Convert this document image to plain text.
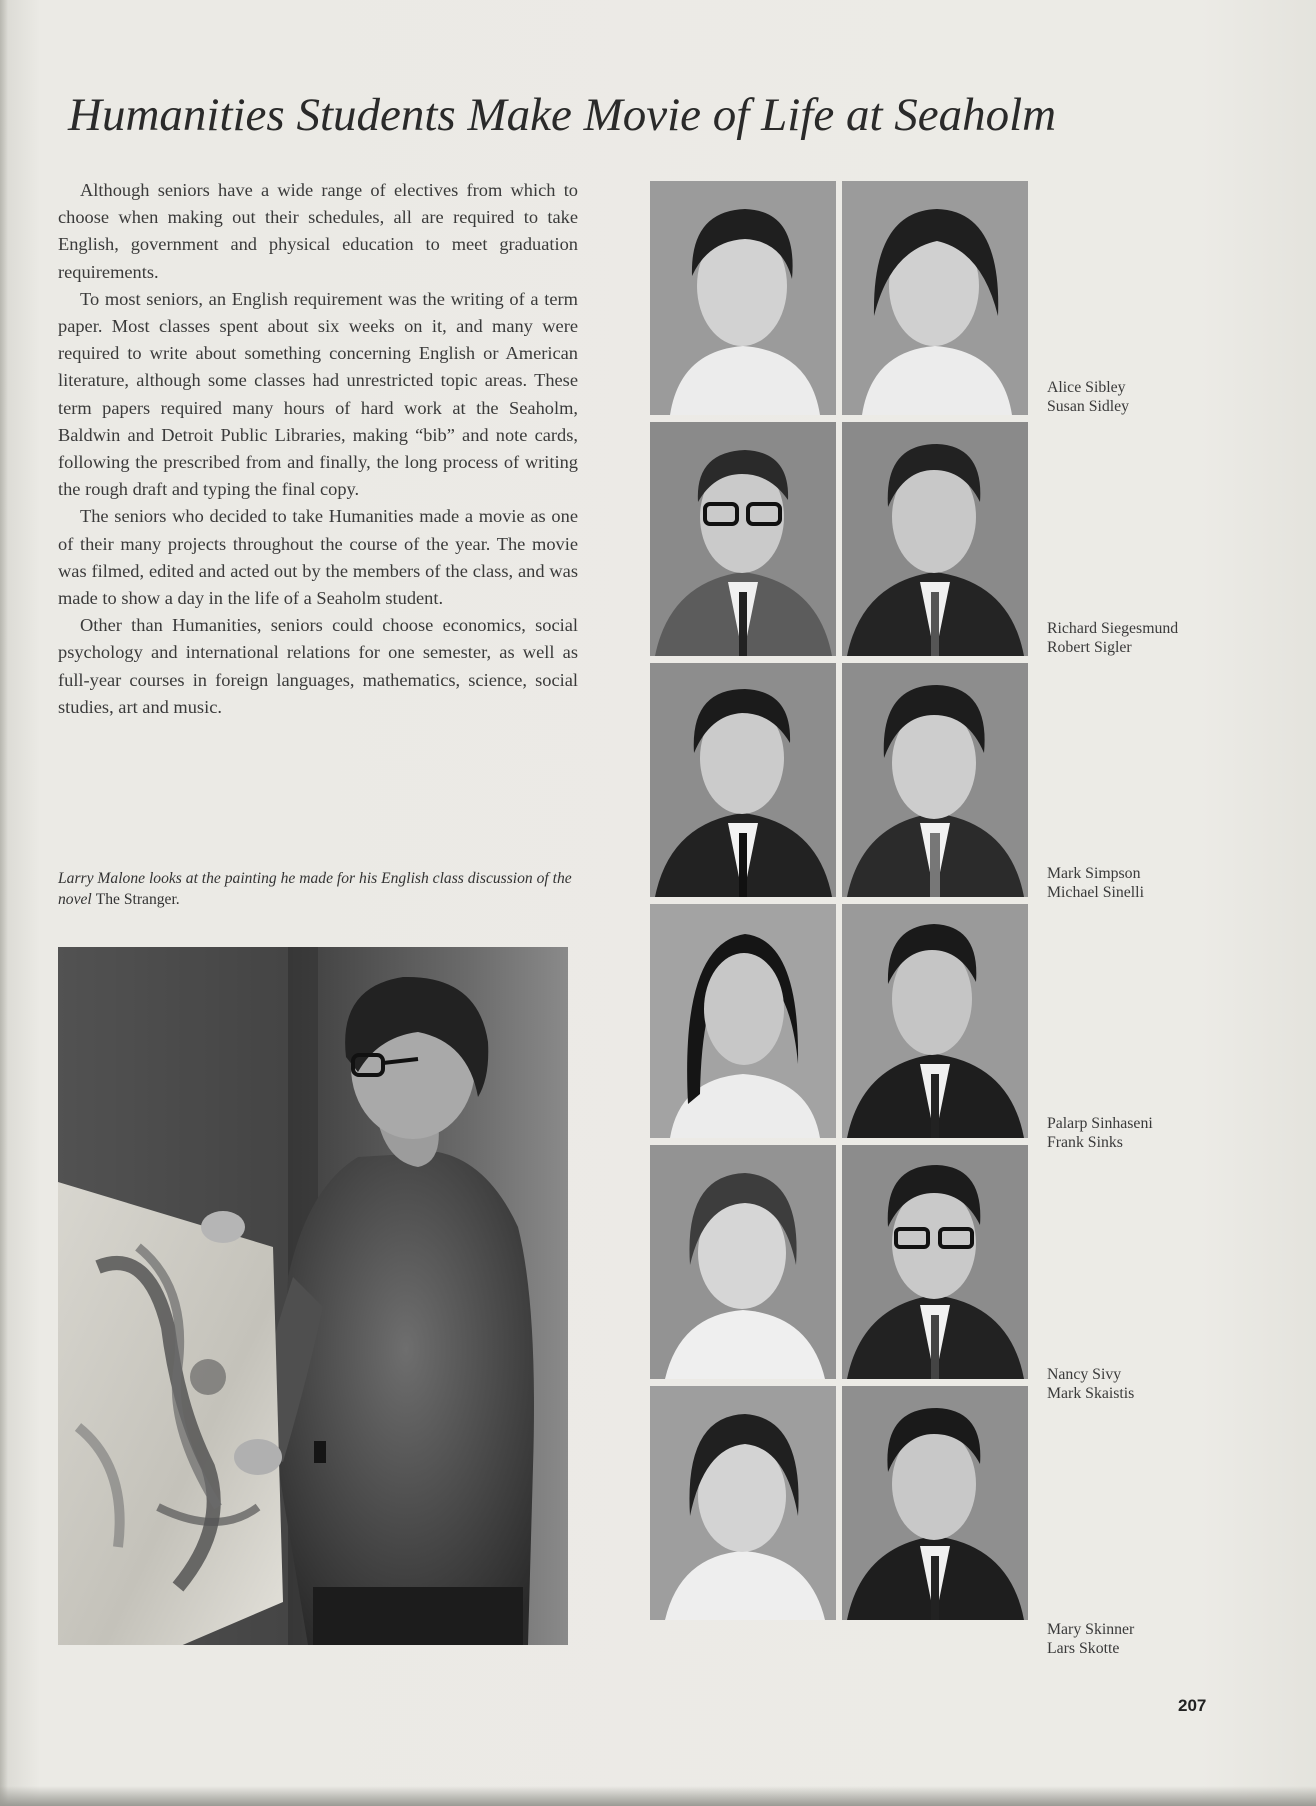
Humanities Students Make Movie of Life at Seaholm

Although seniors have a wide range of electives from which to choose when making out their schedules, all are required to take English, government and physical education to meet graduation requirements.

To most seniors, an English requirement was the writing of a term paper. Most classes spent about six weeks on it, and many were required to write about something concerning English or American literature, although some classes had unrestricted topic areas. These term papers required many hours of hard work at the Seaholm, Baldwin and Detroit Public Libraries, making “bib” and note cards, following the prescribed from and finally, the long process of writing the rough draft and typing the final copy.

The seniors who decided to take Humanities made a movie as one of their many projects throughout the course of the year. The movie was filmed, edited and acted out by the members of the class, and was made to show a day in the life of a Seaholm student.

Other than Humanities, seniors could choose economics, social psychology and international relations for one semester, as well as full-year courses in foreign languages, mathematics, science, social studies, art and music.

Larry Malone looks at the painting he made for his English class discussion of the novel The Stranger.
Alice Sibley
Susan Sidley
Richard Siegesmund
Robert Sigler
Mark Simpson
Michael Sinelli
Palarp Sinhaseni
Frank Sinks
Nancy Sivy
Mark Skaistis
Mary Skinner
Lars Skotte
207
